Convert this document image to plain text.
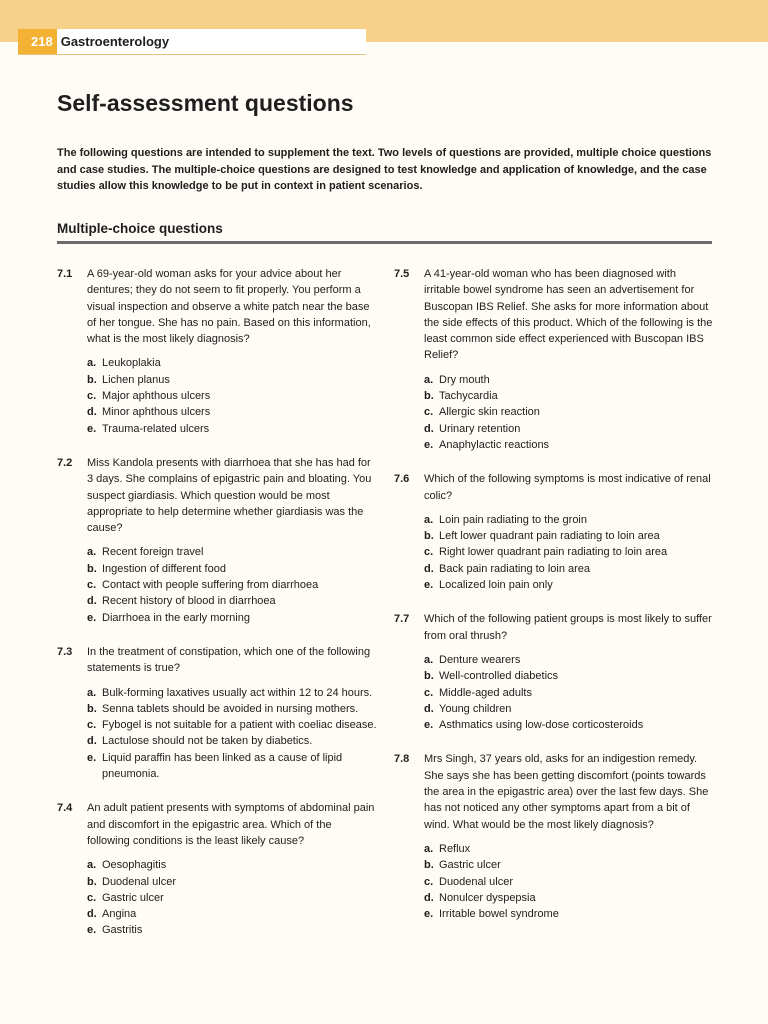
218 Gastroenterology
Self-assessment questions

The following questions are intended to supplement the text. Two levels of questions are provided, multiple choice questions and case studies. The multiple-choice questions are designed to test knowledge and application of knowledge, and the case studies allow this knowledge to be put in context in patient scenarios.

Multiple-choice questions
7.1	A 69-year-old woman asks for your advice about her dentures; they do not seem to fit properly. You perform a visual inspection and observe a white patch near the base of her tongue. She has no pain. Based on this information, what is the most likely diagnosis?

a. Leukoplakia
b. Lichen planus
c. Major aphthous ulcers
d. Minor aphthous ulcers
e. Trauma-related ulcers
7.2	Miss Kandola presents with diarrhoea that she has had for 3 days. She complains of epigastric pain and bloating. You suspect giardiasis. Which question would be most appropriate to help determine whether giardiasis was the cause?

a. Recent foreign travel
b. Ingestion of different food
c. Contact with people suffering from diarrhoea
d. Recent history of blood in diarrhoea
e. Diarrhoea in the early morning
7.3	In the treatment of constipation, which one of the following statements is true?

a. Bulk-forming laxatives usually act within 12 to 24 hours.
b. Senna tablets should be avoided in nursing mothers.
c. Fybogel is not suitable for a patient with coeliac disease.
d. Lactulose should not be taken by diabetics.
e. Liquid paraffin has been linked as a cause of lipid pneumonia.
7.4	An adult patient presents with symptoms of abdominal pain and discomfort in the epigastric area. Which of the following conditions is the least likely cause?

a. Oesophagitis
b. Duodenal ulcer
c. Gastric ulcer
d. Angina
e. Gastritis
7.5	A 41-year-old woman who has been diagnosed with irritable bowel syndrome has seen an advertisement for Buscopan IBS Relief. She asks for more information about the side effects of this product. Which of the following is the least common side effect experienced with Buscopan IBS Relief?

a. Dry mouth
b. Tachycardia
c. Allergic skin reaction
d. Urinary retention
e. Anaphylactic reactions
7.6	Which of the following symptoms is most indicative of renal colic?

a. Loin pain radiating to the groin
b. Left lower quadrant pain radiating to loin area
c. Right lower quadrant pain radiating to loin area
d. Back pain radiating to loin area
e. Localized loin pain only
7.7	Which of the following patient groups is most likely to suffer from oral thrush?

a. Denture wearers
b. Well-controlled diabetics
c. Middle-aged adults
d. Young children
e. Asthmatics using low-dose corticosteroids
7.8	Mrs Singh, 37 years old, asks for an indigestion remedy. She says she has been getting discomfort (points towards the area in the epigastric area) over the last few days. She has not noticed any other symptoms apart from a bit of wind. What would be the most likely diagnosis?

a. Reflux
b. Gastric ulcer
c. Duodenal ulcer
d. Nonulcer dyspepsia
e. Irritable bowel syndrome
